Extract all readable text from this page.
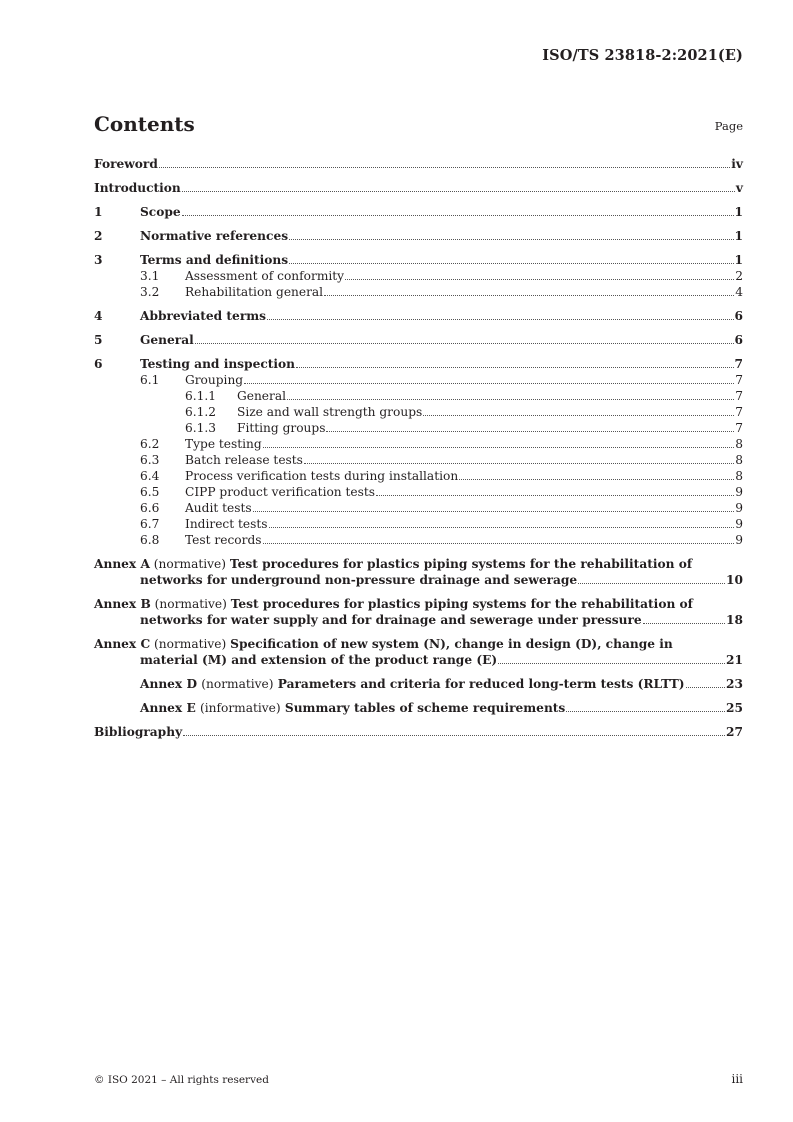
ISO/TS 23818-2:2021(E)
Contents	Page
Foreword	iv
Introduction	v
1	Scope	1
2	Normative references	1
3	Terms and definitions	1
3.1	Assessment of conformity	2
3.2	Rehabilitation general	4
4	Abbreviated terms	6
5	General	6
6	Testing and inspection	7
6.1	Grouping	7
6.1.1	General	7
6.1.2	Size and wall strength groups	7
6.1.3	Fitting groups	7
6.2	Type testing	8
6.3	Batch release tests	8
6.4	Process verification tests during installation	8
6.5	CIPP product verification tests	9
6.6	Audit tests	9
6.7	Indirect tests	9
6.8	Test records	9
Annex A (normative) Test procedures for plastics piping systems for the rehabilitation of
networks for underground non-pressure drainage and sewerage	10
Annex B (normative) Test procedures for plastics piping systems for the rehabilitation of
networks for water supply and for drainage and sewerage under pressure	18
Annex C (normative) Specification of new system (N), change in design (D), change in
material (M) and extension of the product range (E)	21
Annex D (normative) Parameters and criteria for reduced long-term tests (RLTT)	23
Annex E (informative) Summary tables of scheme requirements	25
Bibliography	27
© ISO 2021 – All rights reserved	iii
